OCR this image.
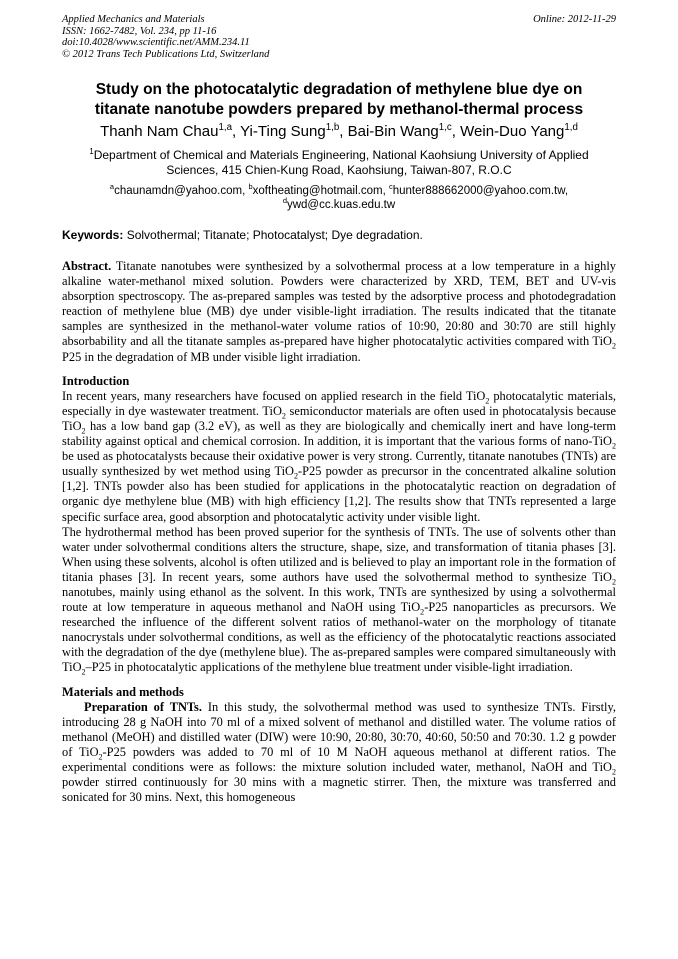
Applied Mechanics and Materials
ISSN: 1662-7482, Vol. 234, pp 11-16
doi:10.4028/www.scientific.net/AMM.234.11
© 2012 Trans Tech Publications Ltd, Switzerland
Online: 2012-11-29
Study on the photocatalytic degradation of methylene blue dye on
titanate nanotube powders prepared by methanol-thermal process
Thanh Nam Chau$^{1,a}$, Yi-Ting Sung$^{1,b}$, Bai-Bin Wang$^{1,c}$, Wein-Duo Yang$^{1,d}$
$^1$Department of Chemical and Materials Engineering, National Kaohsiung University of Applied
Sciences, 415 Chien-Kung Road, Kaohsiung, Taiwan-807, R.O.C
$^a$chaunamdn@yahoo.com, $^b$xoftheating@hotmail.com, $^c$hunter888662000@yahoo.com.tw,
$^d$ywd@cc.kuas.edu.tw
Keywords: Solvothermal; Titanate; Photocatalyst; Dye degradation.

Abstract. Titanate nanotubes were synthesized by a solvothermal process at a low temperature in a highly alkaline water-methanol mixed solution. Powders were characterized by XRD, TEM, BET and UV-vis absorption spectroscopy. The as-prepared samples was tested by the adsorptive process and photodegradation reaction of methylene blue (MB) dye under visible-light irradiation. The results indicated that the titanate samples are synthesized in the methanol-water volume ratios of 10:90, 20:80 and 30:70 are still highly absorbability and all the titanate samples as-prepared have higher photocatalytic activities compared with TiO$_2$ P25 in the degradation of MB under visible light irradiation.

Introduction

In recent years, many researchers have focused on applied research in the field TiO$_2$ photocatalytic materials, especially in dye wastewater treatment. TiO$_2$ semiconductor materials are often used in photocatalysis because TiO$_2$ has a low band gap (3.2 eV), as well as they are biologically and chemically inert and have long-term stability against optical and chemical corrosion. In addition, it is important that the various forms of nano-TiO$_2$ be used as photocatalysts because their oxidative power is very strong. Currently, titanate nanotubes (TNTs) are usually synthesized by wet method using TiO$_2$-P25 powder as precursor in the concentrated alkaline solution [1,2]. TNTs powder also has been studied for applications in the photocatalytic reaction on degradation of organic dye methylene blue (MB) with high efficiency [1,2]. The results show that TNTs represented a large specific surface area, good absorption and photocatalytic activity under visible light.

The hydrothermal method has been proved superior for the synthesis of TNTs. The use of solvents other than water under solvothermal conditions alters the structure, shape, size, and transformation of titania phases [3]. When using these solvents, alcohol is often utilized and is believed to play an important role in the formation of titania phases [3]. In recent years, some authors have used the solvothermal method to synthesize TiO$_2$ nanotubes, mainly using ethanol as the solvent. In this work, TNTs are synthesized by using a solvothermal route at low temperature in aqueous methanol and NaOH using TiO$_2$-P25 nanoparticles as precursors. We researched the influence of the different solvent ratios of methanol-water on the morphology of titanate nanocrystals under solvothermal conditions, as well as the efficiency of the photocatalytic reactions associated with the degradation of the dye (methylene blue). The as-prepared samples were compared simultaneously with TiO$_2$–P25 in photocatalytic applications of the methylene blue treatment under visible-light irradiation.

Materials and methods

Preparation of TNTs. In this study, the solvothermal method was used to synthesize TNTs. Firstly, introducing 28 g NaOH into 70 ml of a mixed solvent of methanol and distilled water. The volume ratios of methanol (MeOH) and distilled water (DIW) were 10:90, 20:80, 30:70, 40:60, 50:50 and 70:30. 1.2 g powder of TiO$_2$-P25 powders was added to 70 ml of 10 M NaOH aqueous methanol at different ratios. The experimental conditions were as follows: the mixture solution included water, methanol, NaOH and TiO$_2$ powder stirred continuously for 30 mins with a magnetic stirrer. Then, the mixture was transferred and sonicated for 30 mins. Next, this homogeneous
